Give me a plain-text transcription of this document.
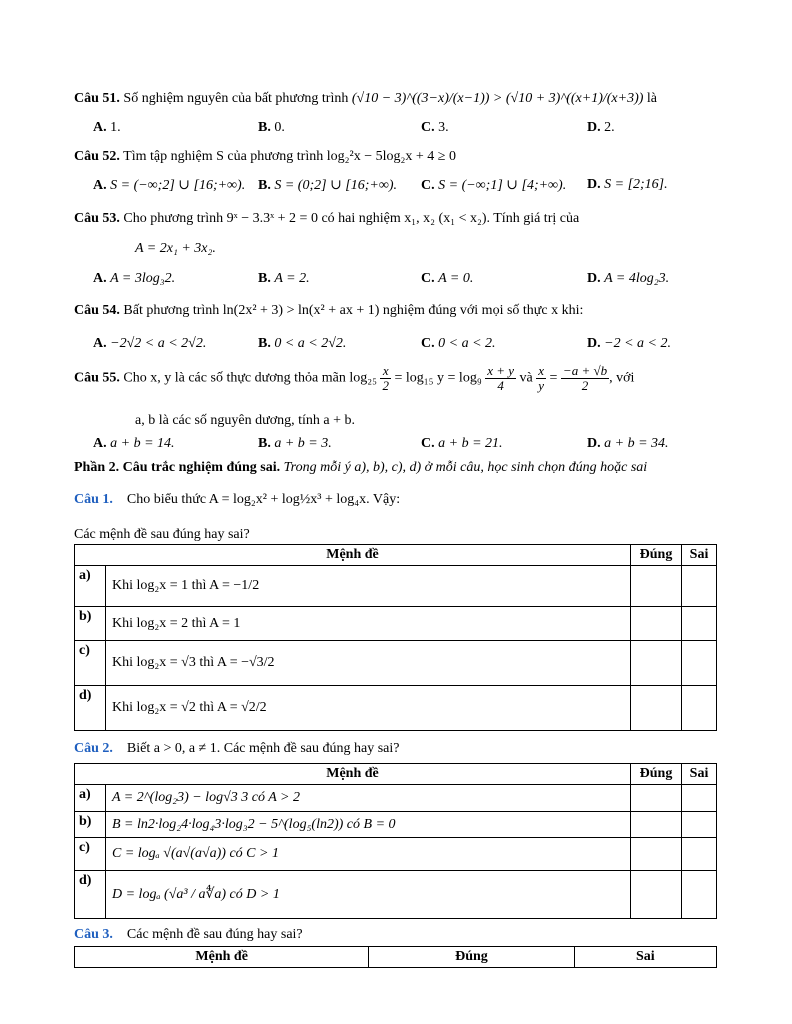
Câu 51. Số nghiệm nguyên của bất phương trình (√10 − 3)^((3−x)/(x−1)) > (√10 + 3)^((x+1)/(x+3)) là
A. 1.	B. 0.	C. 3.	D. 2.
Câu 52. Tìm tập nghiệm S của phương trình log₂²x − 5log₂x + 4 ≥ 0
A. S = (−∞;2] ∪ [16;+∞). B. S = (0;2] ∪ [16;+∞). C. S = (−∞;1] ∪ [4;+∞). D. S = [2;16].
Câu 53. Cho phương trình 9ˣ − 3.3ˣ + 2 = 0 có hai nghiệm x₁, x₂ (x₁ < x₂). Tính giá trị của
A = 2x₁ + 3x₂.
A. A = 3log₃2.	B. A = 2.	C. A = 0.	D. A = 4log₂3.
Câu 54. Bất phương trình ln(2x² + 3) > ln(x² + ax + 1) nghiệm đúng với mọi số thực x khi:
A. −2√2 < a < 2√2.	B. 0 < a < 2√2.	C. 0 < a < 2.	D. −2 < a < 2.
Câu 55. Cho x, y là các số thực dương thỏa mãn $\log_{25} \frac{x}{2} = \log_{15}$ $y = \log_9 \frac{x + y}{4}$ và $\frac{x}{y} = \frac{-a + √b}{2}$ , với
a, b là các số nguyên dương, tính a + b.
A. a + b = 14.	B. a + b = 3.	C. a + b = 21.	D. a + b = 34.
Phần 2. Câu trắc nghiệm đúng sai. Trong mỗi ý a), b), c), d) ở mỗi câu, học sinh chọn đúng hoặc sai
Câu 1. Cho biểu thức A = log₂x² + log½x³ + log₄x. Vậy:
Các mệnh đề sau đúng hay sai?
Mệnh đề		Đúng	Sai
a)	Khi log₂x = 1 thì A = −1/2		
b)	Khi log₂x = 2 thì A = 1		
c)	Khi log₂x = √3 thì A = −√3/2		
d)	Khi log₂x = √2 thì A = √2/2		
Câu 2. Biết a > 0, a ≠ 1. Các mệnh đề sau đúng hay sai?
Mệnh đề		Đúng	Sai
a)	A = 2^(log₂3) − log√3 3 có A > 2		
b)	B = ln2·log₂4·log₄3·log₃2 − 5^(log₅(ln2)) có B = 0		
c)	C = logₐ √(a√(a√a)) có C > 1		
d)	D = logₐ (√a³ / a∜a) có D > 1		
Câu 3. Các mệnh đề sau đúng hay sai?
Mệnh đề	Đúng	Sai
